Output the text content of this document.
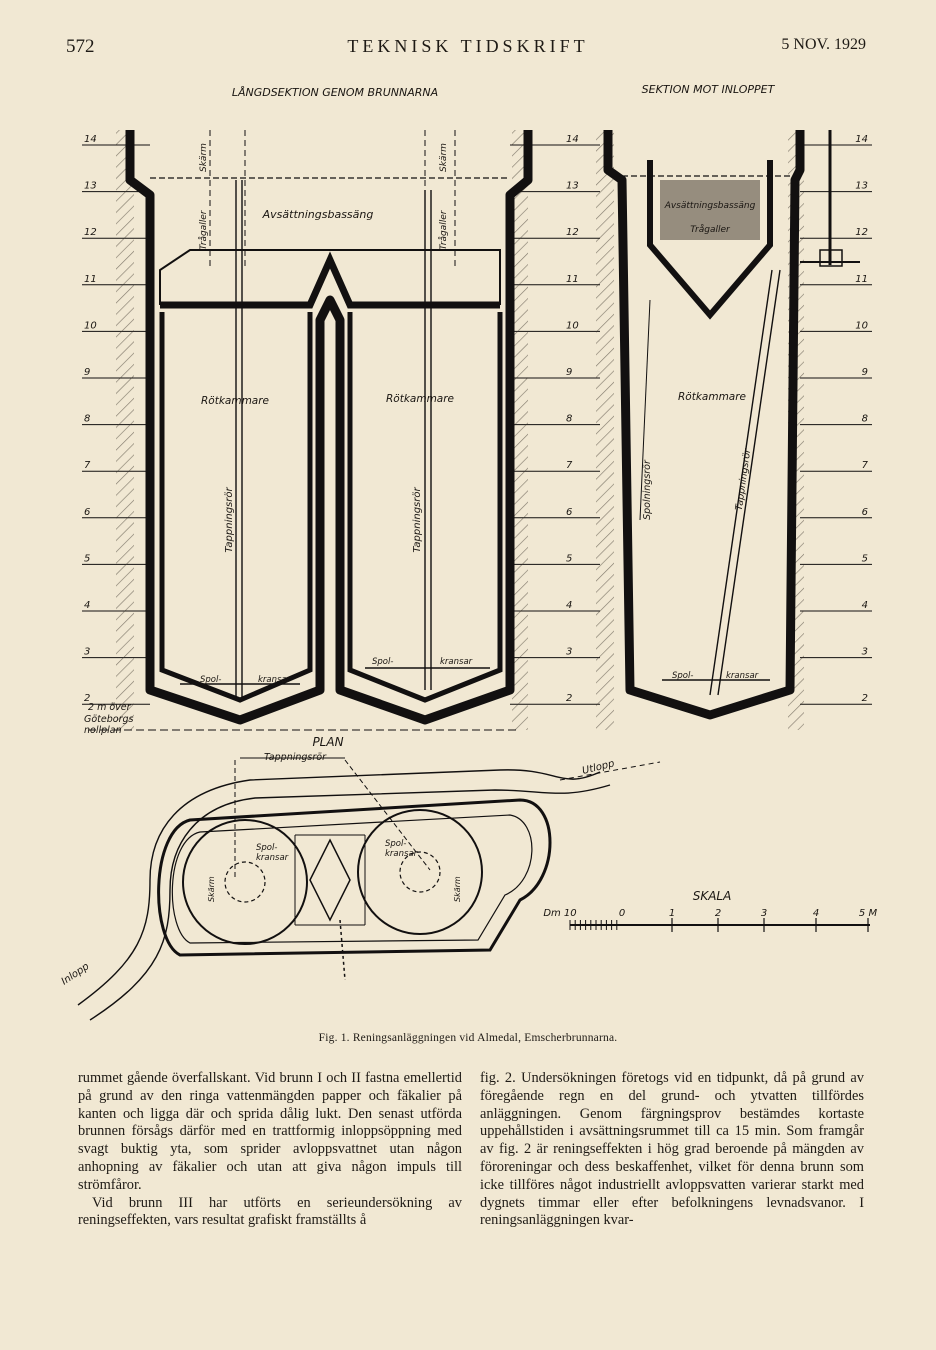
572	TEKNISK TIDSKRIFT	5 NOV. 1929
LÅNGDSEKTION GENOM BRUNNARNA	SEKTION MOT INLOPPET
14
13
12
11
10
9
8
7
6
5
4
3
2
14
13
12
11
10
9
8
7
6
5
4
3
2
14
13
12
11
10
9
8
7
6
5
4
3
2
Skärm	Skärm
Trågaller	Trågaller
Avsättningsbassäng
Rötkammare	Rötkammare
Tappningsrör	Tappningsrör
Spol-	kransar
Spol-	kransar
2 m över
Göteborgs
nollplan
Avsättningsbassäng
Trågaller
Rötkammare
Spolningsrör	Tappningsrör
Spol-	kransar
PLAN
Tappningsrör
Utlopp
Inlopp
Spol-
kransar
Spol-
kransar
Skärm	Skärm	SKALA
Dm 10	0	1	2	3	4	5 M
Fig. 1. Reningsanläggningen vid Almedal, Emscherbrunnarna.

rummet gående överfallskant. Vid brunn I och II fastna emellertid på grund av den ringa vattenmängden papper och fäkalier på kanten och ligga där och sprida dålig lukt. Den senast utförda brunnen försågs därför med en trattformig inloppsöppning med svagt buktig yta, som sprider avloppsvattnet utan någon anhopning av fäkalier och utan att giva någon impuls till strömfåror.

Vid brunn III har utförts en serieundersökning av reningseffekten, vars resultat grafiskt framställts å

fig. 2. Undersökningen företogs vid en tidpunkt, då på grund av föregående regn en del grund- och ytvatten tillfördes anläggningen. Genom färgningsprov bestämdes kortaste uppehållstiden i avsättningsrummet till ca 15 min. Som framgår av fig. 2 är reningseffekten i hög grad beroende på mängden av föroreningar och dess beskaffenhet, vilket för denna brunn som icke tillföres något industriellt avloppsvatten varierar starkt med dygnets timmar eller efter befolkningens levnadsvanor. I reningsanläggningen kvar-
